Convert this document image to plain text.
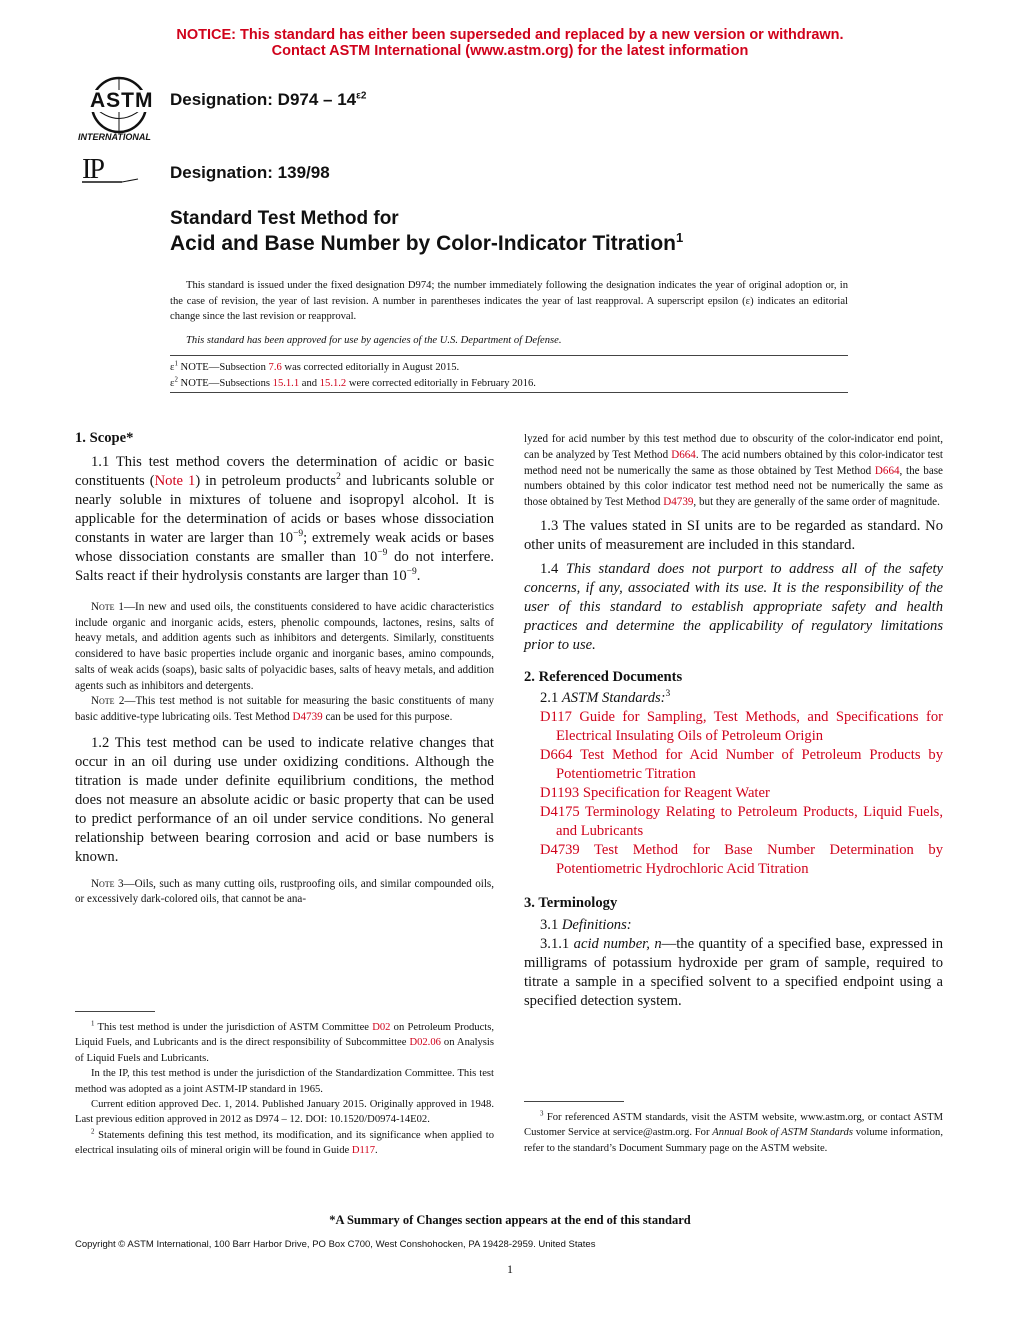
NOTICE: This standard has either been superseded and replaced by a new version or withdrawn.
Contact ASTM International (www.astm.org) for the latest information
ASTM
INTERNATIONAL
Designation: $D974 - 14^{\varepsilon 2}$
IP	Designation: 139/98
Standard Test Method for
Acid and Base Number by Color-Indicator Titration$^1$

This standard is issued under the fixed designation D974; the number immediately following the designation indicates the year of original adoption or, in the case of revision, the year of last revision. A number in parentheses indicates the year of last reapproval. A superscript epsilon (ε) indicates an editorial change since the last revision or reapproval.

This standard has been approved for use by agencies of the U.S. Department of Defense.

$\varepsilon^1$ NOTE—Subsection 7.6 was corrected editorially in August 2015.

$\varepsilon^2$ NOTE—Subsections 15.1.1 and 15.1.2 were corrected editorially in February 2016.

1. Scope*

1.1 This test method covers the determination of acidic or basic constituents (Note 1) in petroleum products$^2$ and lubricants soluble or nearly soluble in mixtures of toluene and isopropyl alcohol. It is applicable for the determination of acids or bases whose dissociation constants in water are larger than $10^{-9}$; extremely weak acids or bases whose dissociation constants are smaller than $10^{-9}$ do not interfere. Salts react if their hydrolysis constants are larger than $10^{-9}$.

Note 1—In new and used oils, the constituents considered to have acidic characteristics include organic and inorganic acids, esters, phenolic compounds, lactones, resins, salts of heavy metals, and addition agents such as inhibitors and detergents. Similarly, constituents considered to have basic properties include organic and inorganic bases, amino compounds, salts of weak acids (soaps), basic salts of polyacidic bases, salts of heavy metals, and addition agents such as inhibitors and detergents.

Note 2—This test method is not suitable for measuring the basic constituents of many basic additive-type lubricating oils. Test Method D4739 can be used for this purpose.

1.2 This test method can be used to indicate relative changes that occur in an oil during use under oxidizing conditions. Although the titration is made under definite equilibrium conditions, the method does not measure an absolute acidic or basic property that can be used to predict performance of an oil under service conditions. No general relationship between bearing corrosion and acid or base numbers is known.

Note 3—Oils, such as many cutting oils, rustproofing oils, and similar compounded oils, or excessively dark-colored oils, that cannot be ana-

$^1$ This test method is under the jurisdiction of ASTM Committee D02 on Petroleum Products, Liquid Fuels, and Lubricants and is the direct responsibility of Subcommittee D02.06 on Analysis of Liquid Fuels and Lubricants.

In the IP, this test method is under the jurisdiction of the Standardization Committee. This test method was adopted as a joint ASTM-IP standard in 1965.

Current edition approved Dec. 1, 2014. Published January 2015. Originally approved in 1948. Last previous edition approved in 2012 as D974 – 12. DOI: 10.1520/D0974-14E02.

$^2$ Statements defining this test method, its modification, and its significance when applied to electrical insulating oils of mineral origin will be found in Guide D117.

lyzed for acid number by this test method due to obscurity of the color-indicator end point, can be analyzed by Test Method D664. The acid numbers obtained by this color-indicator test method need not be numerically the same as those obtained by Test Method D664, the base numbers obtained by this color indicator test method need not be numerically the same as those obtained by Test Method D4739, but they are generally of the same order of magnitude.

1.3 The values stated in SI units are to be regarded as standard. No other units of measurement are included in this standard.

1.4 This standard does not purport to address all of the safety concerns, if any, associated with its use. It is the responsibility of the user of this standard to establish appropriate safety and health practices and determine the applicability of regulatory limitations prior to use.

2. Referenced Documents

2.1 ASTM Standards:$^3$

D117 Guide for Sampling, Test Methods, and Specifications for Electrical Insulating Oils of Petroleum Origin

D664 Test Method for Acid Number of Petroleum Products by Potentiometric Titration

D1193 Specification for Reagent Water

D4175 Terminology Relating to Petroleum Products, Liquid Fuels, and Lubricants

D4739 Test Method for Base Number Determination by Potentiometric Hydrochloric Acid Titration

3. Terminology

3.1 Definitions:

3.1.1 acid number, n—the quantity of a specified base, expressed in milligrams of potassium hydroxide per gram of sample, required to titrate a sample in a specified solvent to a specified endpoint using a specified detection system.

$^3$ For referenced ASTM standards, visit the ASTM website, www.astm.org, or contact ASTM Customer Service at service@astm.org. For Annual Book of ASTM Standards volume information, refer to the standard’s Document Summary page on the ASTM website.

*A Summary of Changes section appears at the end of this standard
Copyright © ASTM International, 100 Barr Harbor Drive, PO Box C700, West Conshohocken, PA 19428-2959. United States
1
